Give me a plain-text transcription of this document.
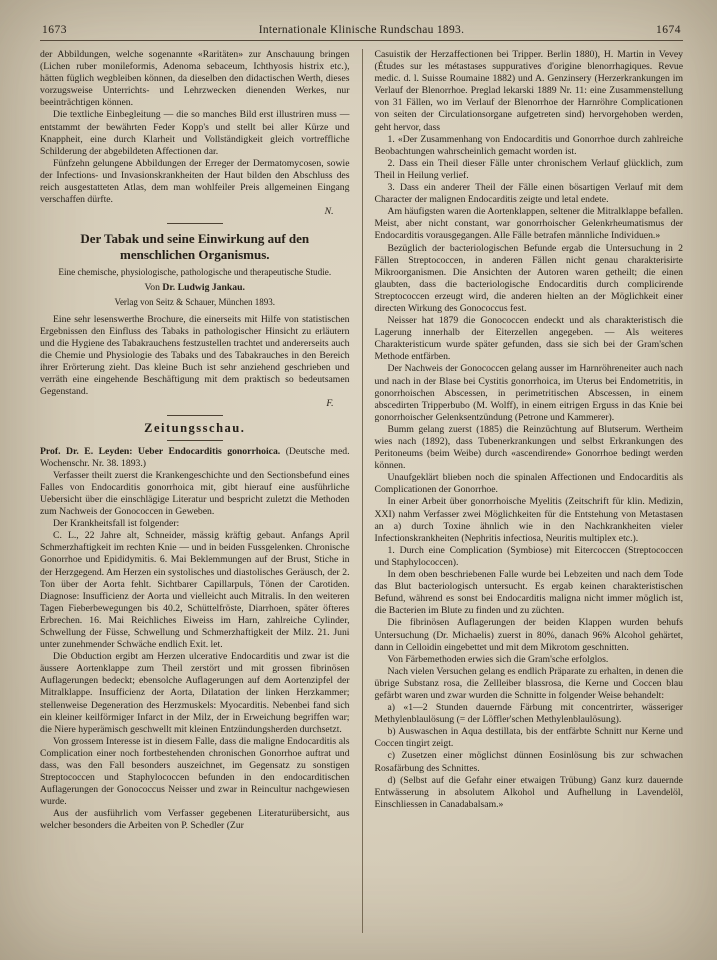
1673	Internationale Klinische Rundschau 1893.	1674

der Abbildungen, welche sogenannte «Raritäten» zur Anschauung bringen (Lichen ruber monileformis, Adenoma sebaceum, Ichthyosis histrix etc.), hätten füglich wegbleiben können, da dieselben den didactischen Werth, dieses vorzugsweise Unterrichts- und Lehrzwecken dienenden Werkes, nur beeinträchtigen können.

Die textliche Einbegleitung — die so manches Bild erst illustriren muss — entstammt der bewährten Feder Kopp's und stellt bei aller Kürze und Knappheit, eine durch Klarheit und Vollständigkeit gleich vortreffliche Schilderung der abgebildeten Affectionen dar.

Fünfzehn gelungene Abbildungen der Erreger der Dermatomycosen, sowie der Infections- und Invasionskrankheiten der Haut bilden den Abschluss des reich ausgestatteten Atlas, dem man wohlfeiler Preis allgemeinen Eingang verschaffen dürfte.

N.
Der Tabak und seine Einwirkung auf den menschlichen Organismus.
Eine chemische, physiologische, pathologische und therapeutische Studie.
Von Dr. Ludwig Jankau.
Verlag von Seitz & Schauer, München 1893.

Eine sehr lesenswerthe Brochure, die einerseits mit Hilfe von statistischen Ergebnissen den Einfluss des Tabaks in pathologischer Hinsicht zu erläutern und die Hygiene des Tabakrauchens festzustellen trachtet und andererseits auch die Chemie und Physiologie des Tabaks und des Tabakrauches in den Bereich ihrer Erörterung zieht. Das kleine Buch ist sehr anziehend geschrieben und verräth eine eingehende Beschäftigung mit dem praktisch so bedeutsamen Gegenstand.

F.
Zeitungsschau.

Prof. Dr. E. Leyden: Ueber Endocarditis gonorrhoica. (Deutsche med. Wochenschr. Nr. 38. 1893.)

Verfasser theilt zuerst die Krankengeschichte und den Sectionsbefund eines Falles von Endocarditis gonorrhoica mit, gibt hierauf eine ausführliche Uebersicht über die einschlägige Literatur und bespricht zuletzt die Methoden zum Nachweis der Gonococcen in Geweben.

Der Krankheitsfall ist folgender:

C. L., 22 Jahre alt, Schneider, mässig kräftig gebaut. Anfangs April Schmerzhaftigkeit im rechten Knie — und in beiden Fussgelenken. Chronische Gonorrhoe und Epididymitis. 6. Mai Beklemmungen auf der Brust, Stiche in der Herzgegend. Am Herzen ein systolisches und diastolisches Geräusch, der 2. Ton über der Aorta fehlt. Sichtbarer Capillarpuls, Tönen der Carotiden. Diagnose: Insufficienz der Aorta und vielleicht auch Mitralis. In den weiteren Tagen Fieberbewegungen bis 40.2, Schüttelfröste, Diarrhoen, später öfteres Erbrechen. 16. Mai Reichliches Eiweiss im Harn, zahlreiche Cylinder, Schwellung der Füsse, Schwellung und Schmerzhaftigkeit der Milz. 21. Juni unter zunehmender Schwäche endlich Exit. let.

Die Obduction ergibt am Herzen ulcerative Endocarditis und zwar ist die äussere Aortenklappe zum Theil zerstört und mit grossen fibrinösen Auflagerungen bedeckt; ebensolche Auflagerungen auf dem Aortenzipfel der Mitralklappe. Insufficienz der Aorta, Dilatation der linken Herzkammer; stellenweise Degeneration des Herzmuskels: Myocarditis. Nebenbei fand sich ein kleiner keilförmiger Infarct in der Milz, der in Erweichung begriffen war; die Niere hyperämisch geschwellt mit kleinen Entzündungsherden durchsetzt.

Von grossem Interesse ist in diesem Falle, dass die maligne Endocarditis als Complication einer noch fortbestehenden chronischen Gonorrhoe auftrat und dass, was den Fall besonders auszeichnet, im Gegensatz zu sonstigen Streptococcen und Staphylococcen befunden in den endocarditischen Auflagerungen der Gonococcus Neisser und zwar in Reincultur nachgewiesen wurde.

Aus der ausführlich vom Verfasser gegebenen Literaturübersicht, aus welcher besonders die Arbeiten von P. Schedler (Zur

Casuistik der Herzaffectionen bei Tripper. Berlin 1880), H. Martin in Vevey (Études sur les métastases suppuratives d'origine blenorrhagiques. Revue medic. d. l. Suisse Roumaine 1882) und A. Genzinsery (Herzerkrankungen im Verlauf der Blenorrhoe. Preglad lekarski 1889 Nr. 11: eine Zusammenstellung von 31 Fällen, wo im Verlauf der Blenorrhoe der Harnröhre Complicationen von seiten der Circulationsorgane aufgetreten sind) hervorgehoben werden, geht hervor, dass

1. «Der Zusammenhang von Endocarditis und Gonorrhoe durch zahlreiche Beobachtungen wahrscheinlich gemacht worden ist.

2. Dass ein Theil dieser Fälle unter chronischem Verlauf glücklich, zum Theil in Heilung verlief.

3. Dass ein anderer Theil der Fälle einen bösartigen Verlauf mit dem Character der malignen Endocarditis zeigte und letal endete.

Am häufigsten waren die Aortenklappen, seltener die Mitralklappe befallen. Meist, aber nicht constant, war gonorrhoischer Gelenkrheumatismus der Endocarditis vorausgegangen. Alle Fälle betrafen männliche Individuen.»

Bezüglich der bacteriologischen Befunde ergab die Untersuchung in 2 Fällen Streptococcen, in anderen Fällen nicht genau charakterisirte Mikroorganismen. Die Ansichten der Autoren waren getheilt; die einen glaubten, dass die bacteriologische Endocarditis durch complicirende Streptococcen erzeugt wird, die anderen hielten an der Möglichkeit einer directen Wirkung des Gonococcus fest.

Neisser hat 1879 die Gonococcen endeckt und als charakteristisch die Lagerung innerhalb der Eiterzellen angegeben. — Als weiteres Charakteristicum wurde später gefunden, dass sie sich bei der Gram'schen Methode entfärben.

Der Nachweis der Gonococcen gelang ausser im Harnröhreneiter auch nach und nach in der Blase bei Cystitis gonorrhoica, im Uterus bei Endometritis, in gonorrhoischen Abscessen, in perimetritischen Abscessen, in einem abscedirten Tripperbubo (M. Wolff), in einem eitrigen Erguss in das Knie bei gonorrhoischer Gelenksentzündung (Petrone und Kammerer).

Bumm gelang zuerst (1885) die Reinzüchtung auf Blutserum. Wertheim wies nach (1892), dass Tubenerkrankungen und selbst Erkrankungen des Peritoneums (beim Weibe) durch «ascendirende» Gonorrhoe bedingt werden können.

Unaufgeklärt blieben noch die spinalen Affectionen und Endocarditis als Complicationen der Gonorrhoe.

In einer Arbeit über gonorrhoische Myelitis (Zeitschrift für klin. Medizin, XXI) nahm Verfasser zwei Möglichkeiten für die Entstehung von Metastasen an a) durch Toxine ähnlich wie in den Nachkrankheiten vieler Infectionskrankheiten (Nephritis infectiosa, Neuritis multiplex etc.).

1. Durch eine Complication (Symbiose) mit Eitercoccen (Streptococcen und Staphylococcen).

In dem oben beschriebenen Falle wurde bei Lebzeiten und nach dem Tode das Blut bacteriologisch untersucht. Es ergab keinen charakteristischen Befund, während es sonst bei Endocarditis maligna nicht immer möglich ist, die Bacterien im Blute zu finden und zu züchten.

Die fibrinösen Auflagerungen der beiden Klappen wurden behufs Untersuchung (Dr. Michaelis) zuerst in 80%, danach 96% Alcohol gehärtet, dann in Celloidin eingebettet und mit dem Mikrotom geschnitten.

Von Färbemethoden erwies sich die Gram'sche erfolglos.

Nach vielen Versuchen gelang es endlich Präparate zu erhalten, in denen die übrige Substanz rosa, die Zellleiber blassrosa, die Kerne und Coccen blau gefärbt waren und zwar wurden die Schnitte in folgender Weise behandelt:

a) «1—2 Stunden dauernde Färbung mit concentrirter, wässeriger Methylenblaulösung (= der Löffler'schen Methylenblaulösung).

b) Auswaschen in Aqua destillata, bis der entfärbte Schnitt nur Kerne und Coccen tingirt zeigt.

c) Zusetzen einer möglichst dünnen Eosinlösung bis zur schwachen Rosafärbung des Schnittes.

d) (Selbst auf die Gefahr einer etwaigen Trübung) Ganz kurz dauernde Entwässerung in absolutem Alkohol und Aufhellung in Lavendelöl, Einschliessen in Canadabalsam.»
